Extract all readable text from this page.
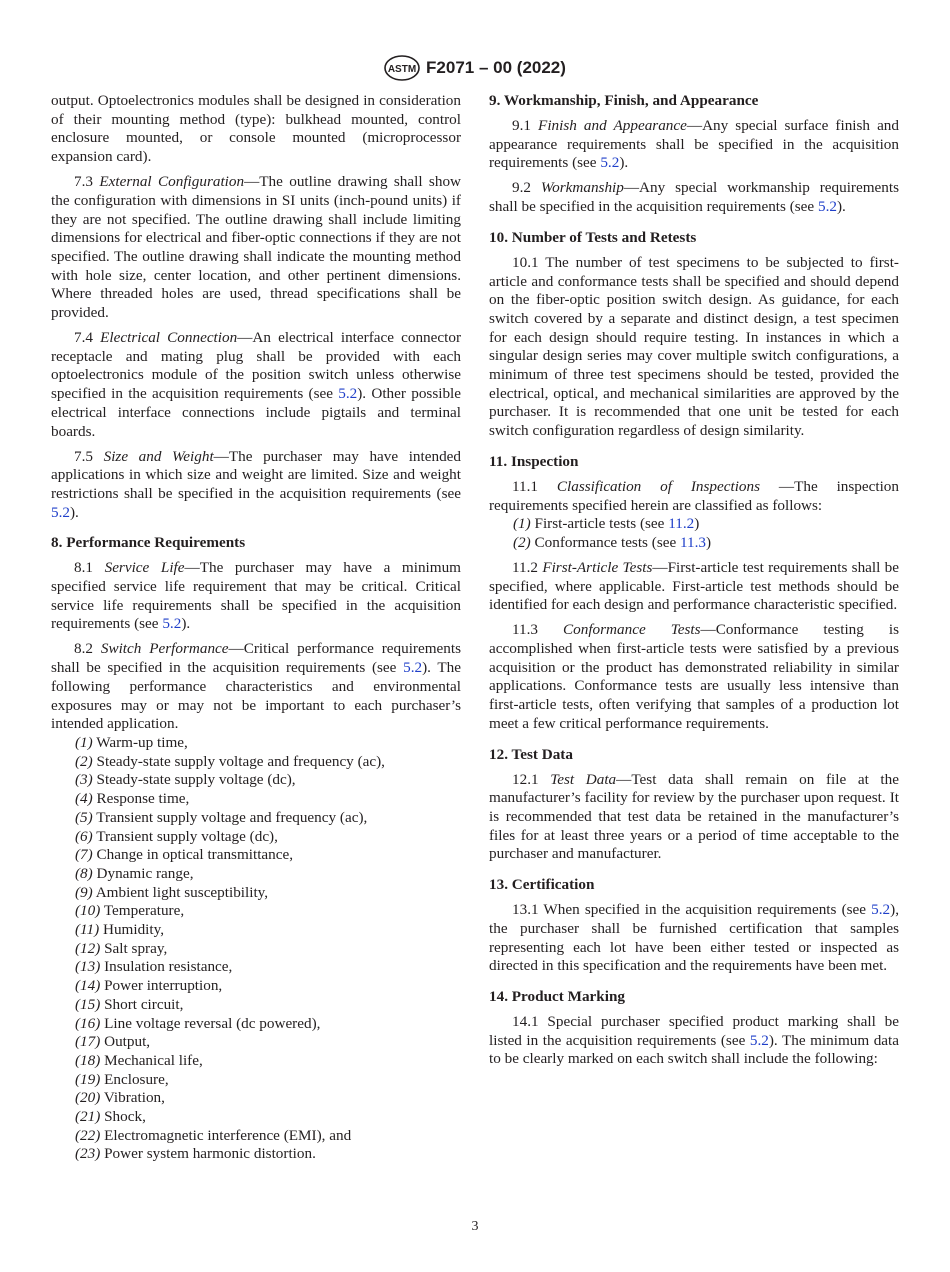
ASTM F2071 – 00 (2022)

output. Optoelectronics modules shall be designed in consideration of their mounting method (type): bulkhead mounted, control enclosure mounted, or console mounted (microprocessor expansion card).

7.3 External Configuration—The outline drawing shall show the configuration with dimensions in SI units (inch-pound units) if they are not specified. The outline drawing shall include limiting dimensions for electrical and fiber-optic connections if they are not specified. The outline drawing shall indicate the mounting method with hole size, center location, and other pertinent dimensions. Where threaded holes are used, thread specifications shall be provided.

7.4 Electrical Connection—An electrical interface connector receptacle and mating plug shall be provided with each optoelectronics module of the position switch unless otherwise specified in the acquisition requirements (see 5.2). Other possible electrical interface connections include pigtails and terminal boards.

7.5 Size and Weight—The purchaser may have intended applications in which size and weight are limited. Size and weight restrictions shall be specified in the acquisition requirements (see 5.2).

8. Performance Requirements

8.1 Service Life—The purchaser may have a minimum specified service life requirement that may be critical. Critical service life requirements shall be specified in the acquisition requirements (see 5.2).

8.2 Switch Performance—Critical performance requirements shall be specified in the acquisition requirements (see 5.2). The following performance characteristics and environmental exposures may or may not be important to each purchaser’s intended application.

(1) Warm-up time,
(2) Steady-state supply voltage and frequency (ac),
(3) Steady-state supply voltage (dc),
(4) Response time,
(5) Transient supply voltage and frequency (ac),
(6) Transient supply voltage (dc),
(7) Change in optical transmittance,
(8) Dynamic range,
(9) Ambient light susceptibility,
(10) Temperature,
(11) Humidity,
(12) Salt spray,
(13) Insulation resistance,
(14) Power interruption,
(15) Short circuit,
(16) Line voltage reversal (dc powered),
(17) Output,
(18) Mechanical life,
(19) Enclosure,
(20) Vibration,
(21) Shock,
(22) Electromagnetic interference (EMI), and
(23) Power system harmonic distortion.
9. Workmanship, Finish, and Appearance

9.1 Finish and Appearance—Any special surface finish and appearance requirements shall be specified in the acquisition requirements (see 5.2).

9.2 Workmanship—Any special workmanship requirements shall be specified in the acquisition requirements (see 5.2).

10. Number of Tests and Retests

10.1 The number of test specimens to be subjected to first-article and conformance tests shall be specified and should depend on the fiber-optic position switch design. As guidance, for each switch covered by a separate and distinct design, a test specimen for each design should require testing. In instances in which a singular design series may cover multiple switch configurations, a minimum of three test specimens should be tested, provided the electrical, optical, and mechanical similarities are approved by the purchaser. It is recommended that one unit be tested for each switch configuration regardless of design similarity.

11. Inspection

11.1 Classification of Inspections —The inspection requirements specified herein are classified as follows:

(1) First-article tests (see 11.2)
(2) Conformance tests (see 11.3)

11.2 First-Article Tests—First-article test requirements shall be specified, where applicable. First-article test methods should be identified for each design and performance characteristic specified.

11.3 Conformance Tests—Conformance testing is accomplished when first-article tests were satisfied by a previous acquisition or the product has demonstrated reliability in similar applications. Conformance tests are usually less intensive than first-article tests, often verifying that samples of a production lot meet a few critical performance requirements.

12. Test Data

12.1 Test Data—Test data shall remain on file at the manufacturer’s facility for review by the purchaser upon request. It is recommended that test data be retained in the manufacturer’s files for at least three years or a period of time acceptable to the purchaser and manufacturer.

13. Certification

13.1 When specified in the acquisition requirements (see 5.2), the purchaser shall be furnished certification that samples representing each lot have been either tested or inspected as directed in this specification and the requirements have been met.

14. Product Marking

14.1 Special purchaser specified product marking shall be listed in the acquisition requirements (see 5.2). The minimum data to be clearly marked on each switch shall include the following:

3
